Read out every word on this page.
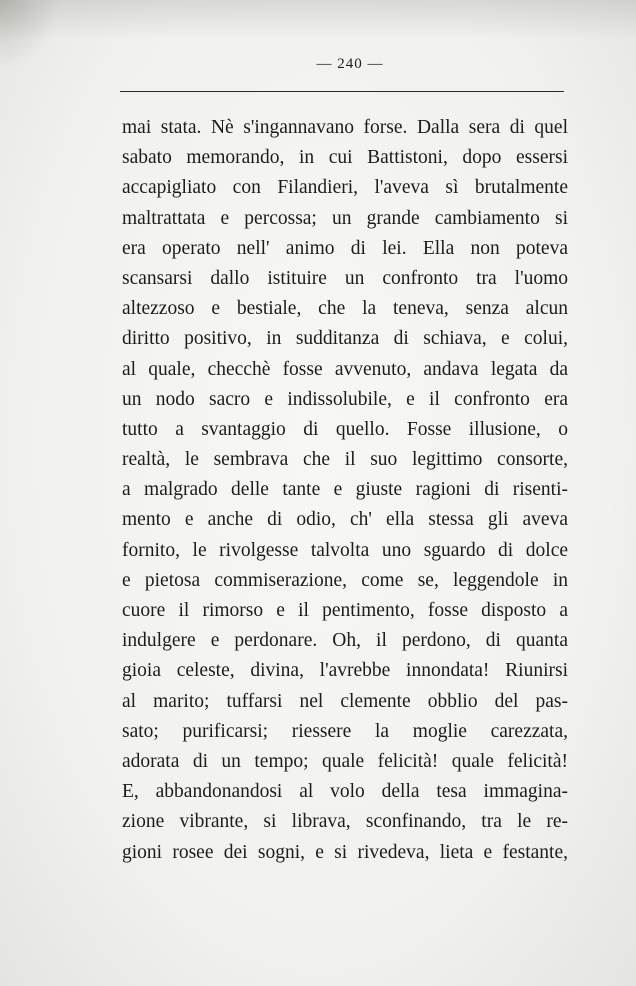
— 240 —
mai stata. Nè s'ingannavano forse. Dalla sera di quel
sabato memorando, in cui Battistoni, dopo essersi
accapigliato con Filandieri, l'aveva sì brutalmente
maltrattata e percossa; un grande cambiamento si
era operato nell' animo di lei. Ella non poteva
scansarsi dallo istituire un confronto tra l'uomo
altezzoso e bestiale, che la teneva, senza alcun
diritto positivo, in sudditanza di schiava, e colui,
al quale, checchè fosse avvenuto, andava legata da
un nodo sacro e indissolubile, e il confronto era
tutto a svantaggio di quello. Fosse illusione, o
realtà, le sembrava che il suo legittimo consorte,
a malgrado delle tante e giuste ragioni di risenti-
mento e anche di odio, ch' ella stessa gli aveva
fornito, le rivolgesse talvolta uno sguardo di dolce
e pietosa commiserazione, come se, leggendole in
cuore il rimorso e il pentimento, fosse disposto a
indulgere e perdonare. Oh, il perdono, di quanta
gioia celeste, divina, l'avrebbe innondata! Riunirsi
al marito; tuffarsi nel clemente obblio del pas-
sato; purificarsi; riessere la moglie carezzata,
adorata di un tempo; quale felicità! quale felicità!
E, abbandonandosi al volo della tesa immagina-
zione vibrante, si librava, sconfinando, tra le re-
gioni rosee dei sogni, e si rivedeva, lieta e festante,
